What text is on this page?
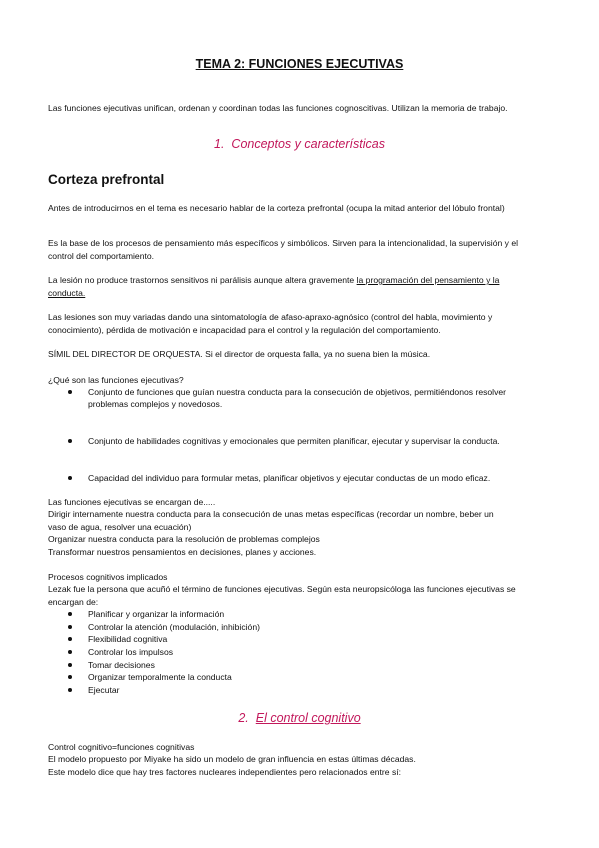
TEMA 2: FUNCIONES EJECUTIVAS
Las funciones ejecutivas unifican, ordenan y coordinan todas las funciones cognoscitivas. Utilizan la memoria de trabajo.
1. Conceptos y características
Corteza prefrontal
Antes de introducirnos en el tema es necesario hablar de la corteza prefrontal (ocupa la mitad anterior del lóbulo frontal)
Es la base de los procesos de pensamiento más específicos y simbólicos. Sirven para la intencionalidad, la supervisión y el
control del comportamiento.
La lesión no produce trastornos sensitivos ni parálisis aunque altera gravemente la programación del pensamiento y la
conducta.
Las lesiones son muy variadas dando una sintomatología de afaso-apraxo-agnósico (control del habla, movimiento y
conocimiento), pérdida de motivación e incapacidad para el control y la regulación del comportamiento.
SÍMIL DEL DIRECTOR DE ORQUESTA. Si el director de orquesta falla, ya no suena bien la música.
¿Qué son las funciones ejecutivas?
Conjunto de funciones que guían nuestra conducta para la consecución de objetivos, permitiéndonos resolver
problemas complejos y novedosos.
Conjunto de habilidades cognitivas y emocionales que permiten planificar, ejecutar y supervisar la conducta.
Capacidad del individuo para formular metas, planificar objetivos y ejecutar conductas de un modo eficaz.
Las funciones ejecutivas se encargan de.....
Dirigir internamente nuestra conducta para la consecución de unas metas específicas (recordar un nombre, beber un
vaso de agua, resolver una ecuación)
Organizar nuestra conducta para la resolución de problemas complejos
Transformar nuestros pensamientos en decisiones, planes y acciones.
Procesos cognitivos implicados
Lezak fue la persona que acuñó el término de funciones ejecutivas. Según esta neuropsicóloga las funciones ejecutivas se
encargan de:
Planificar y organizar la información
Controlar la atención (modulación, inhibición)
Flexibilidad cognitiva
Controlar los impulsos
Tomar decisiones
Organizar temporalmente la conducta
Ejecutar
2. El control cognitivo
Control cognitivo=funciones cognitivas
El modelo propuesto por Miyake ha sido un modelo de gran influencia en estas últimas décadas.
Este modelo dice que hay tres factores nucleares independientes pero relacionados entre sí:
